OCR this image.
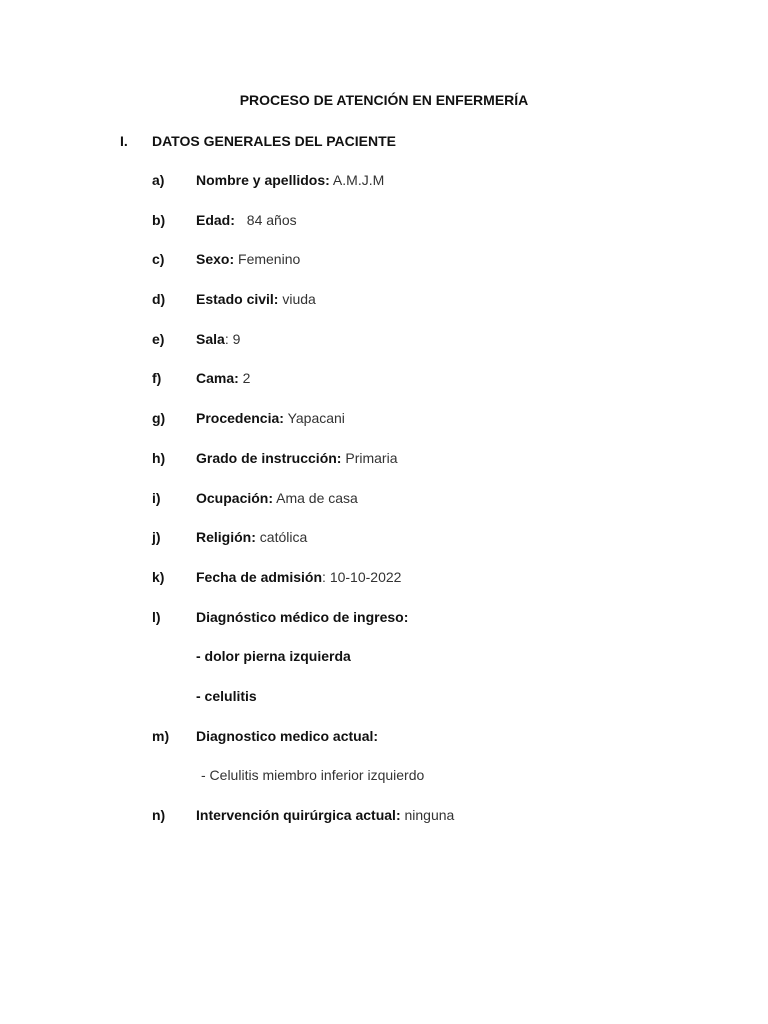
PROCESO DE ATENCIÓN EN ENFERMERÍA
I. DATOS GENERALES DEL PACIENTE
a) Nombre y apellidos: A.M.J.M
b) Edad: 84 años
c) Sexo: Femenino
d) Estado civil: viuda
e) Sala: 9
f) Cama: 2
g) Procedencia: Yapacani
h) Grado de instrucción: Primaria
i)	Ocupación: Ama de casa
j)	Religión: católica
k) Fecha de admisión: 10-10-2022
l)	Diagnóstico médico de ingreso:
- dolor pierna izquierda
- celulitis
m) Diagnostico medico actual:
- Celulitis miembro inferior izquierdo
n) Intervención quirúrgica actual: ninguna
